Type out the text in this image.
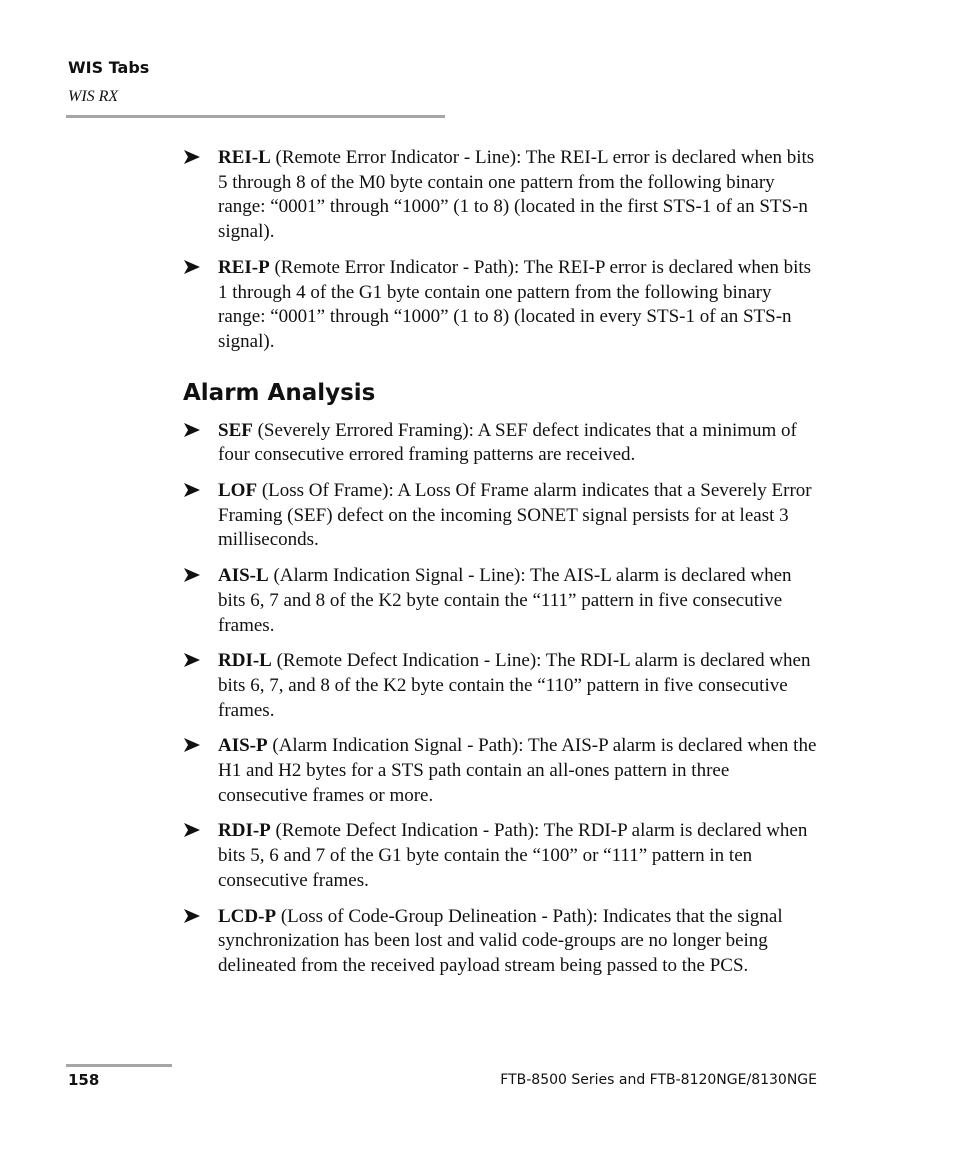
WIS Tabs
WIS RX
REI-L (Remote Error Indicator - Line): The REI-L error is declared when bits 5 through 8 of the M0 byte contain one pattern from the following binary range: “0001” through “1000” (1 to 8) (located in the first STS-1 of an STS-n signal).
REI-P (Remote Error Indicator - Path): The REI-P error is declared when bits 1 through 4 of the G1 byte contain one pattern from the following binary range: “0001” through “1000” (1 to 8) (located in every STS-1 of an STS-n signal).
Alarm Analysis
SEF (Severely Errored Framing): A SEF defect indicates that a minimum of four consecutive errored framing patterns are received.
LOF (Loss Of Frame): A Loss Of Frame alarm indicates that a Severely Error Framing (SEF) defect on the incoming SONET signal persists for at least 3 milliseconds.
AIS-L (Alarm Indication Signal - Line): The AIS-L alarm is declared when bits 6, 7 and 8 of the K2 byte contain the “111” pattern in five consecutive frames.
RDI-L (Remote Defect Indication - Line): The RDI-L alarm is declared when bits 6, 7, and 8 of the K2 byte contain the “110” pattern in five consecutive frames.
AIS-P (Alarm Indication Signal - Path): The AIS-P alarm is declared when the H1 and H2 bytes for a STS path contain an all-ones pattern in three consecutive frames or more.
RDI-P (Remote Defect Indication - Path): The RDI-P alarm is declared when bits 5, 6 and 7 of the G1 byte contain the “100” or “111” pattern in ten consecutive frames.
LCD-P (Loss of Code-Group Delineation - Path): Indicates that the signal synchronization has been lost and valid code-groups are no longer being delineated from the received payload stream being passed to the PCS.
158	FTB-8500 Series and FTB-8120NGE/8130NGE
